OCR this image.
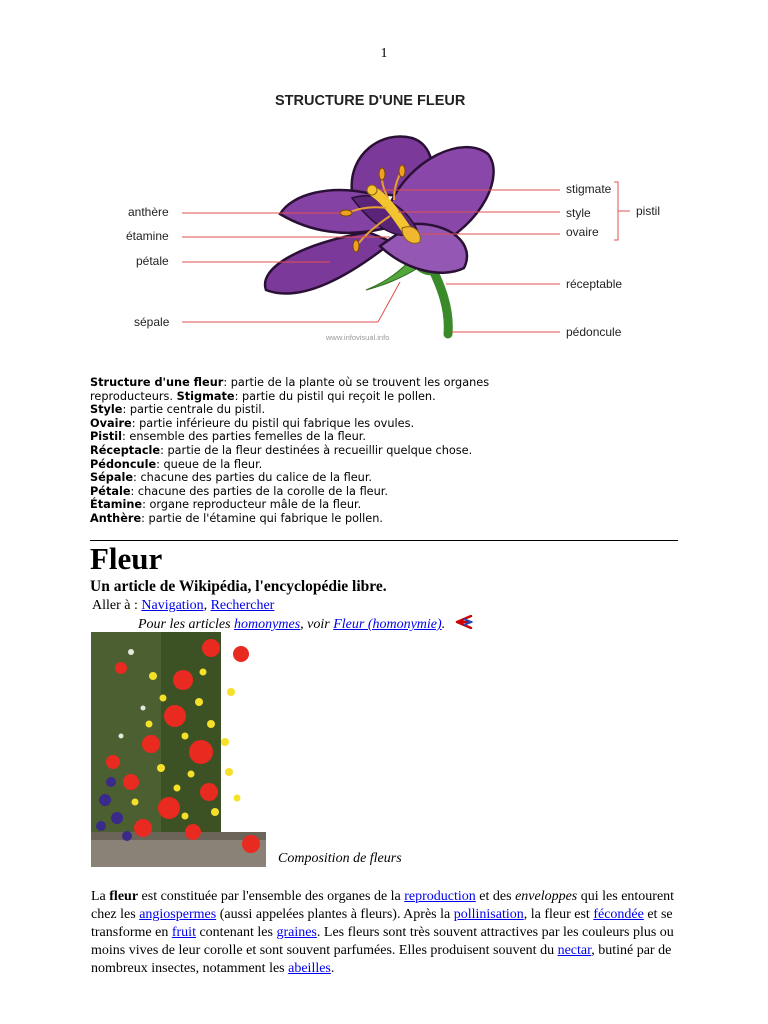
1
STRUCTURE D'UNE FLEUR
anthère
étamine
pétale
sépale
stigmate
style
ovaire
pistil
réceptable
pédoncule
www.infovisual.info

Structure d'une fleur: partie de la plante où se trouvent les organes

reproducteurs. Stigmate: partie du pistil qui reçoit le pollen.

Style: partie centrale du pistil.

Ovaire: partie inférieure du pistil qui fabrique les ovules.

Pistil: ensemble des parties femelles de la fleur.

Réceptacle: partie de la fleur destinées à recueillir quelque chose.

Pédoncule: queue de la fleur.

Sépale: chacune des parties du calice de la fleur.

Pétale: chacune des parties de la corolle de la fleur.

Étamine: organe reproducteur mâle de la fleur.

Anthère: partie de l'étamine qui fabrique le pollen.

Fleur
Un article de Wikipédia, l'encyclopédie libre.
Aller à : Navigation, Rechercher
Pour les articles homonymes, voir Fleur (homonymie).
Composition de fleurs

La fleur est constituée par l'ensemble des organes de la reproduction et des enveloppes qui les entourent chez les angiospermes (aussi appelées plantes à fleurs). Après la pollinisation, la fleur est fécondée et se transforme en fruit contenant les graines. Les fleurs sont très souvent attractives par les couleurs plus ou moins vives de leur corolle et sont souvent parfumées. Elles produisent souvent du nectar, butiné par de nombreux insectes, notamment les abeilles.
